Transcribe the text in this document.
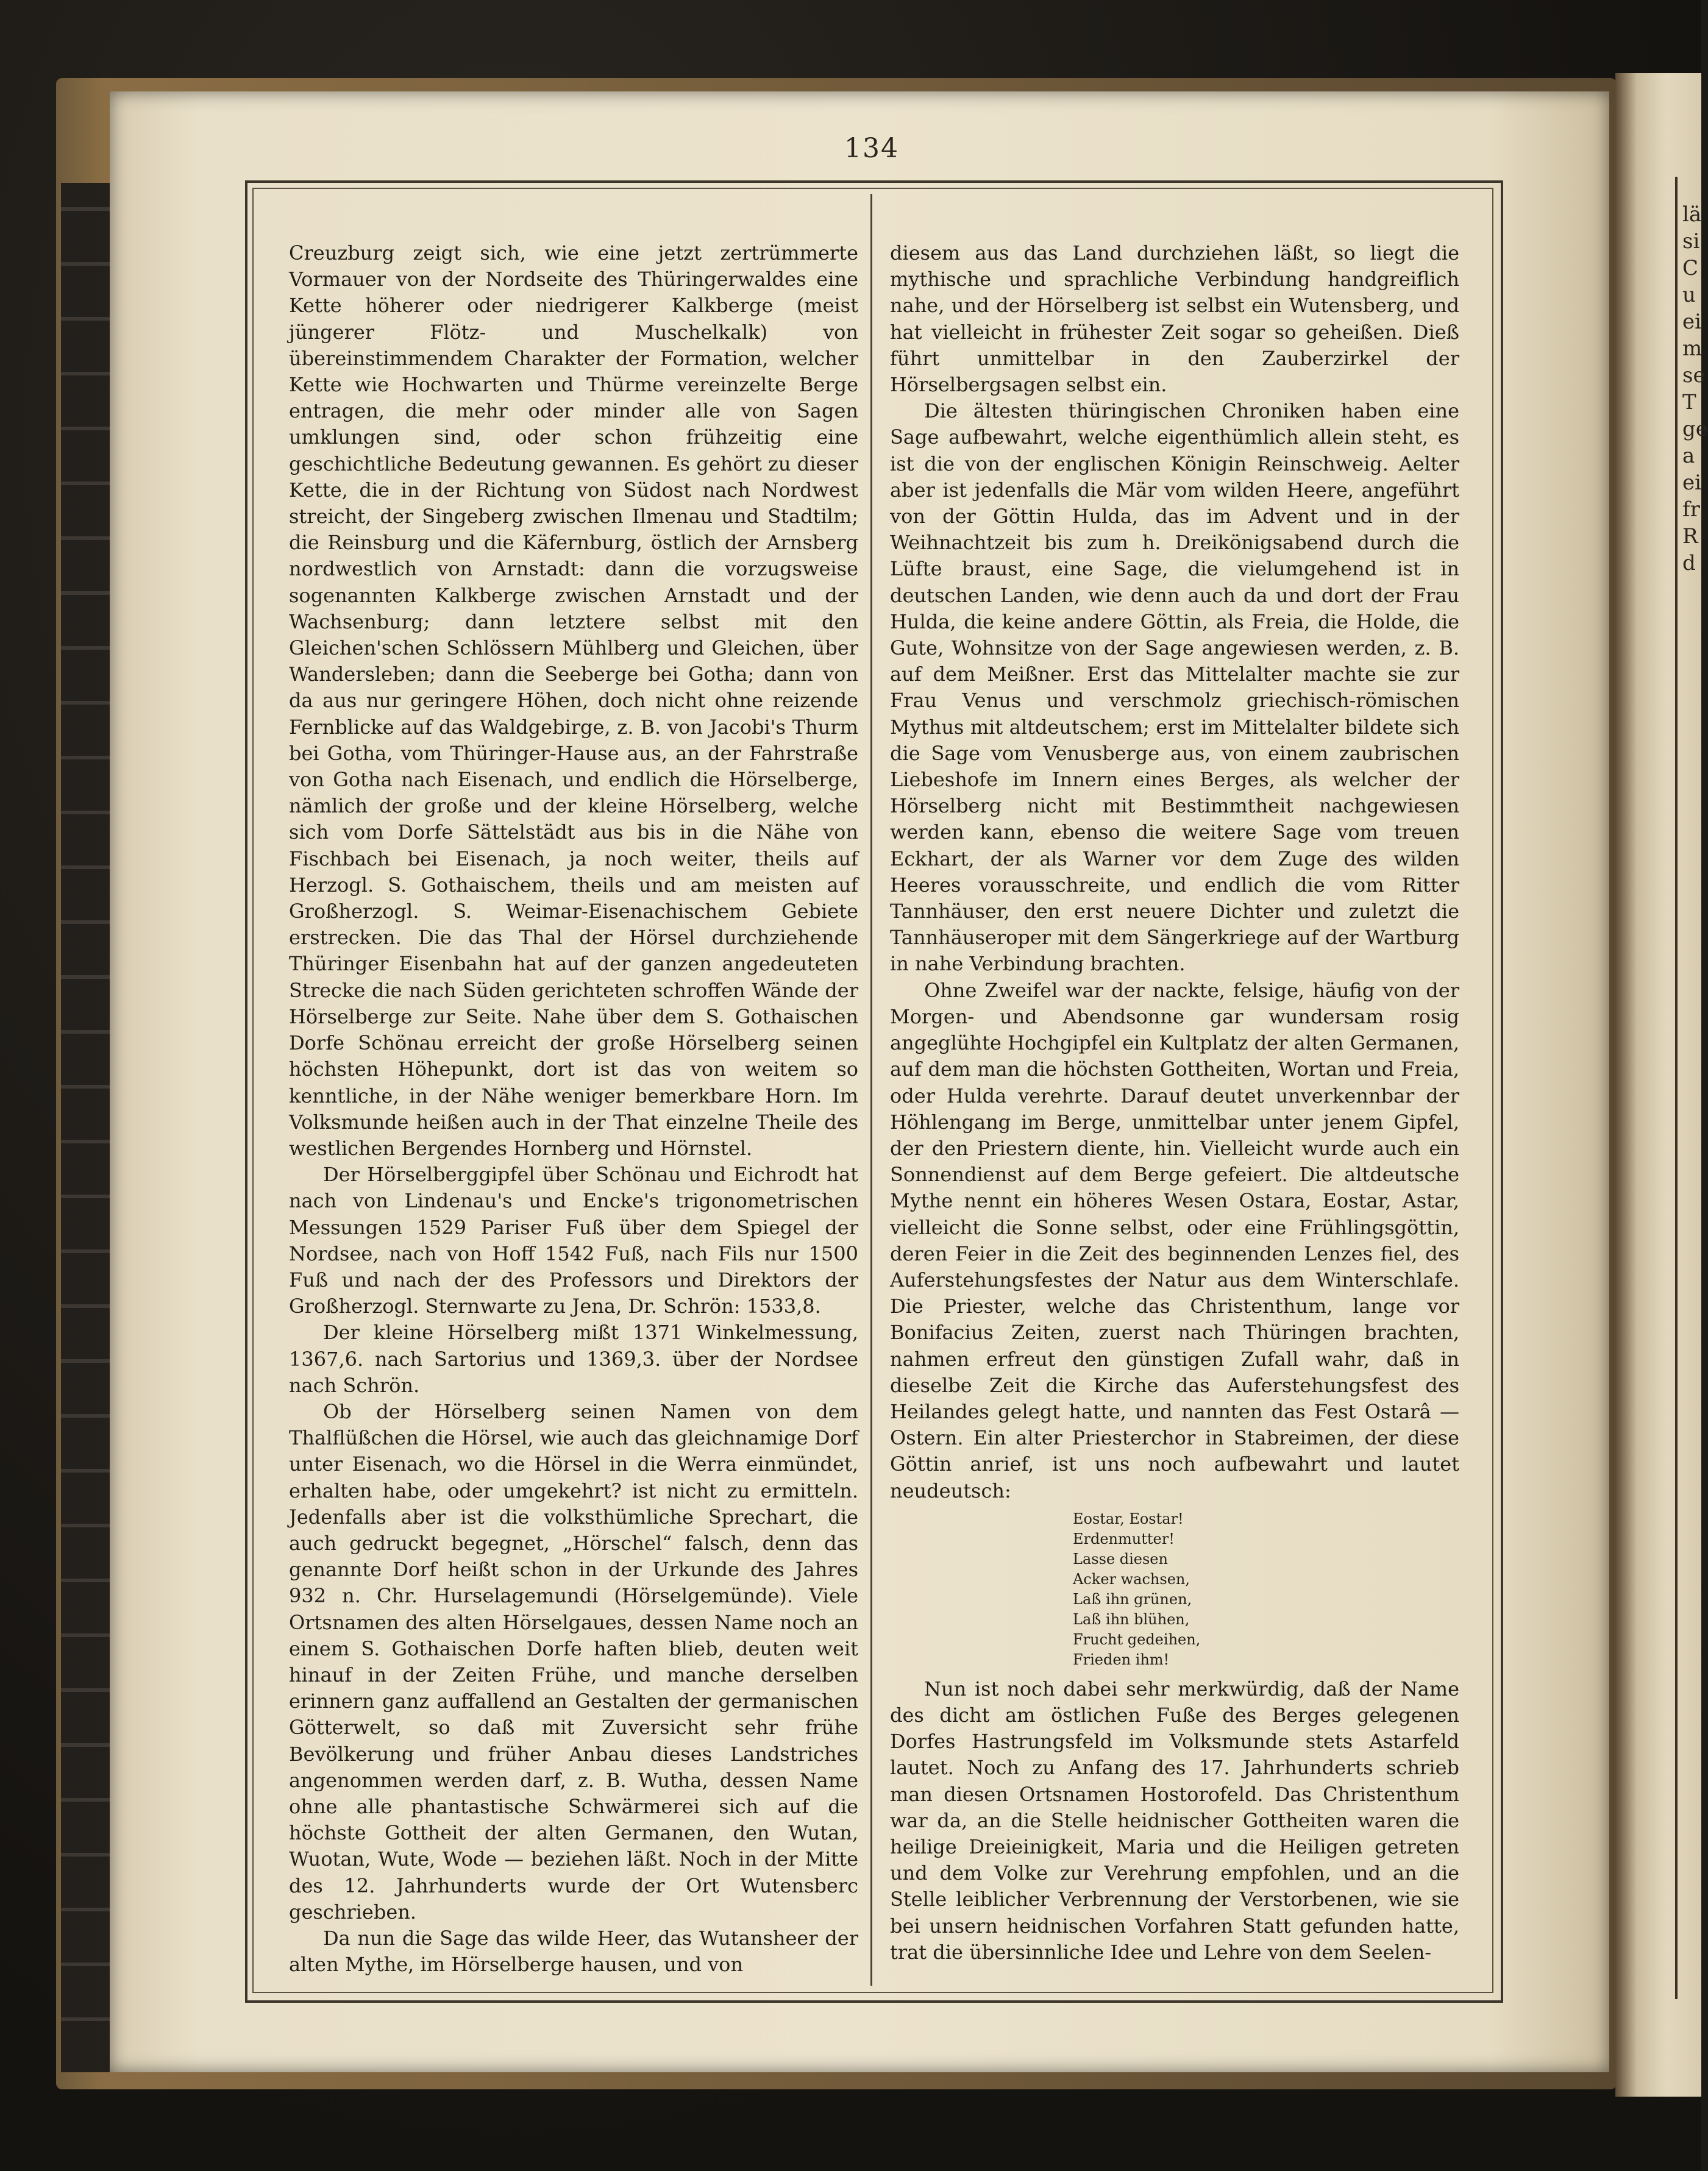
lä
si
C
u
ei
m
se
T
ge
a
ei
fr
R
d
134

Creuzburg zeigt sich, wie eine jetzt zertrümmerte Vormauer von der Nordseite des Thüringerwaldes eine Kette höherer oder niedrigerer Kalkberge (meist jüngerer Flötz- und Muschelkalk) von übereinstimmendem Charakter der Formation, welcher Kette wie Hochwarten und Thürme vereinzelte Berge entragen, die mehr oder minder alle von Sagen umklungen sind, oder schon frühzeitig eine geschichtliche Bedeutung gewannen. Es gehört zu dieser Kette, die in der Richtung von Südost nach Nordwest streicht, der Singeberg zwischen Ilmenau und Stadtilm; die Reinsburg und die Käfernburg, östlich der Arnsberg nordwestlich von Arnstadt: dann die vorzugsweise sogenannten Kalkberge zwischen Arnstadt und der Wachsenburg; dann letztere selbst mit den Gleichen'schen Schlössern Mühlberg und Gleichen, über Wandersleben; dann die Seeberge bei Gotha; dann von da aus nur geringere Höhen, doch nicht ohne reizende Fernblicke auf das Waldgebirge, z. B. von Jacobi's Thurm bei Gotha, vom Thüringer-Hause aus, an der Fahrstraße von Gotha nach Eisenach, und endlich die Hörselberge, nämlich der große und der kleine Hörselberg, welche sich vom Dorfe Sättelstädt aus bis in die Nähe von Fischbach bei Eisenach, ja noch weiter, theils auf Herzogl. S. Gothaischem, theils und am meisten auf Großherzogl. S. Weimar-Eisenachischem Gebiete erstrecken. Die das Thal der Hörsel durchziehende Thüringer Eisenbahn hat auf der ganzen angedeuteten Strecke die nach Süden gerichteten schroffen Wände der Hörselberge zur Seite. Nahe über dem S. Gothaischen Dorfe Schönau erreicht der große Hörselberg seinen höchsten Höhepunkt, dort ist das von weitem so kenntliche, in der Nähe weniger bemerkbare Horn. Im Volksmunde heißen auch in der That einzelne Theile des westlichen Bergendes Hornberg und Hörnstel.

Der Hörselberggipfel über Schönau und Eichrodt hat nach von Lindenau's und Encke's trigonometrischen Messungen 1529 Pariser Fuß über dem Spiegel der Nordsee, nach von Hoff 1542 Fuß, nach Fils nur 1500 Fuß und nach der des Professors und Direktors der Großherzogl. Sternwarte zu Jena, Dr. Schrön: 1533,8.

Der kleine Hörselberg mißt 1371 Winkelmessung, 1367,6. nach Sartorius und 1369,3. über der Nordsee nach Schrön.

Ob der Hörselberg seinen Namen von dem Thalflüßchen die Hörsel, wie auch das gleichnamige Dorf unter Eisenach, wo die Hörsel in die Werra einmündet, erhalten habe, oder umgekehrt? ist nicht zu ermitteln. Jedenfalls aber ist die volksthümliche Sprechart, die auch gedruckt begegnet, „Hörschel“ falsch, denn das genannte Dorf heißt schon in der Urkunde des Jahres 932 n. Chr. Hurselagemundi (Hörselgemünde). Viele Ortsnamen des alten Hörselgaues, dessen Name noch an einem S. Gothaischen Dorfe haften blieb, deuten weit hinauf in der Zeiten Frühe, und manche derselben erinnern ganz auffallend an Gestalten der germanischen Götterwelt, so daß mit Zuversicht sehr frühe Bevölkerung und früher Anbau dieses Landstriches angenommen werden darf, z. B. Wutha, dessen Name ohne alle phantastische Schwärmerei sich auf die höchste Gottheit der alten Germanen, den Wutan, Wuotan, Wute, Wode — beziehen läßt. Noch in der Mitte des 12. Jahrhunderts wurde der Ort Wutensberc geschrieben.

Da nun die Sage das wilde Heer, das Wutansheer der alten Mythe, im Hörselberge hausen, und von

diesem aus das Land durchziehen läßt, so liegt die mythische und sprachliche Verbindung handgreiflich nahe, und der Hörselberg ist selbst ein Wutensberg, und hat vielleicht in frühester Zeit sogar so geheißen. Dieß führt unmittelbar in den Zauberzirkel der Hörselbergsagen selbst ein.

Die ältesten thüringischen Chroniken haben eine Sage aufbewahrt, welche eigenthümlich allein steht, es ist die von der englischen Königin Reinschweig. Aelter aber ist jedenfalls die Mär vom wilden Heere, angeführt von der Göttin Hulda, das im Advent und in der Weihnachtzeit bis zum h. Dreikönigsabend durch die Lüfte braust, eine Sage, die vielumgehend ist in deutschen Landen, wie denn auch da und dort der Frau Hulda, die keine andere Göttin, als Freia, die Holde, die Gute, Wohnsitze von der Sage angewiesen werden, z. B. auf dem Meißner. Erst das Mittelalter machte sie zur Frau Venus und verschmolz griechisch-römischen Mythus mit altdeutschem; erst im Mittelalter bildete sich die Sage vom Venusberge aus, von einem zaubrischen Liebeshofe im Innern eines Berges, als welcher der Hörselberg nicht mit Bestimmtheit nachgewiesen werden kann, ebenso die weitere Sage vom treuen Eckhart, der als Warner vor dem Zuge des wilden Heeres vorausschreite, und endlich die vom Ritter Tannhäuser, den erst neuere Dichter und zuletzt die Tannhäuseroper mit dem Sängerkriege auf der Wartburg in nahe Verbindung brachten.

Ohne Zweifel war der nackte, felsige, häufig von der Morgen- und Abendsonne gar wundersam rosig angeglühte Hochgipfel ein Kultplatz der alten Germanen, auf dem man die höchsten Gottheiten, Wortan und Freia, oder Hulda verehrte. Darauf deutet unverkennbar der Höhlengang im Berge, unmittelbar unter jenem Gipfel, der den Priestern diente, hin. Vielleicht wurde auch ein Sonnendienst auf dem Berge gefeiert. Die altdeutsche Mythe nennt ein höheres Wesen Ostara, Eostar, Astar, vielleicht die Sonne selbst, oder eine Frühlingsgöttin, deren Feier in die Zeit des beginnenden Lenzes fiel, des Auferstehungsfestes der Natur aus dem Winterschlafe. Die Priester, welche das Christenthum, lange vor Bonifacius Zeiten, zuerst nach Thüringen brachten, nahmen erfreut den günstigen Zufall wahr, daß in dieselbe Zeit die Kirche das Auferstehungsfest des Heilandes gelegt hatte, und nannten das Fest Ostarâ — Ostern. Ein alter Priesterchor in Stabreimen, der diese Göttin anrief, ist uns noch aufbewahrt und lautet neudeutsch:

Eostar, Eostar!
Erdenmutter!
Lasse diesen
Acker wachsen,
Laß ihn grünen,
Laß ihn blühen,
Frucht gedeihen,
Frieden ihm!

Nun ist noch dabei sehr merkwürdig, daß der Name des dicht am östlichen Fuße des Berges gelegenen Dorfes Hastrungsfeld im Volksmunde stets Astarfeld lautet. Noch zu Anfang des 17. Jahrhunderts schrieb man diesen Ortsnamen Hostorofeld. Das Christenthum war da, an die Stelle heidnischer Gottheiten waren die heilige Dreieinigkeit, Maria und die Heiligen getreten und dem Volke zur Verehrung empfohlen, und an die Stelle leiblicher Verbrennung der Verstorbenen, wie sie bei unsern heidnischen Vorfahren Statt gefunden hatte, trat die übersinnliche Idee und Lehre von dem Seelen-
